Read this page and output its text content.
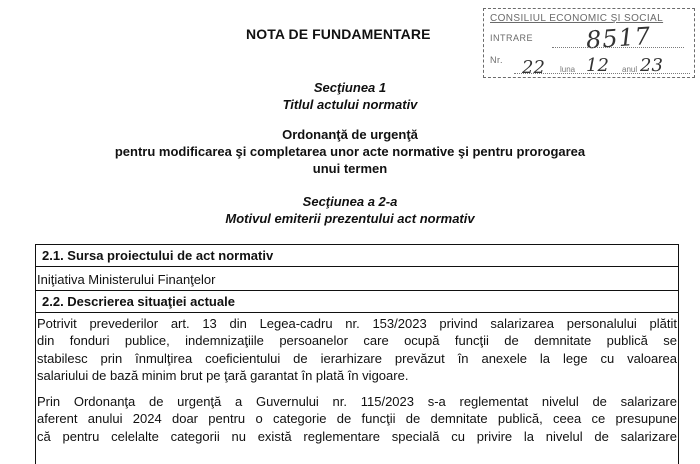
NOTA DE FUNDAMENTARE
CONSILIUL ECONOMIC ŞI SOCIAL
INTRARE 8517
Nr. 22 luna 12 anul 23
Secţiunea 1
Titlul actului normativ
Ordonanţă de urgenţă
pentru modificarea şi completarea unor acte normative şi pentru prorogarea
unui termen
Secţiunea a 2-a
Motivul emiterii prezentului act normativ
2.1. Sursa proiectului de act normativ
Iniţiativa Ministerului Finanţelor
2.2. Descrierea situaţiei actuale
Potrivit prevederilor art. 13 din Legea-cadru nr. 153/2023 privind salarizarea personalului plătit
din fonduri publice, indemnizaţiile persoanelor care ocupă funcţii de demnitate publică se
stabilesc prin înmulţirea coeficientului de ierarhizare prevăzut în anexele la lege cu valoarea
salariului de bază minim brut pe ţară garantat în plată în vigoare.
Prin Ordonanţa de urgenţă a Guvernului nr. 115/2023 s-a reglementat nivelul de salarizare
aferent anului 2024 doar pentru o categorie de funcţii de demnitate publică, ceea ce presupune
că pentru celelalte categorii nu există reglementare specială cu privire la nivelul de salarizare
